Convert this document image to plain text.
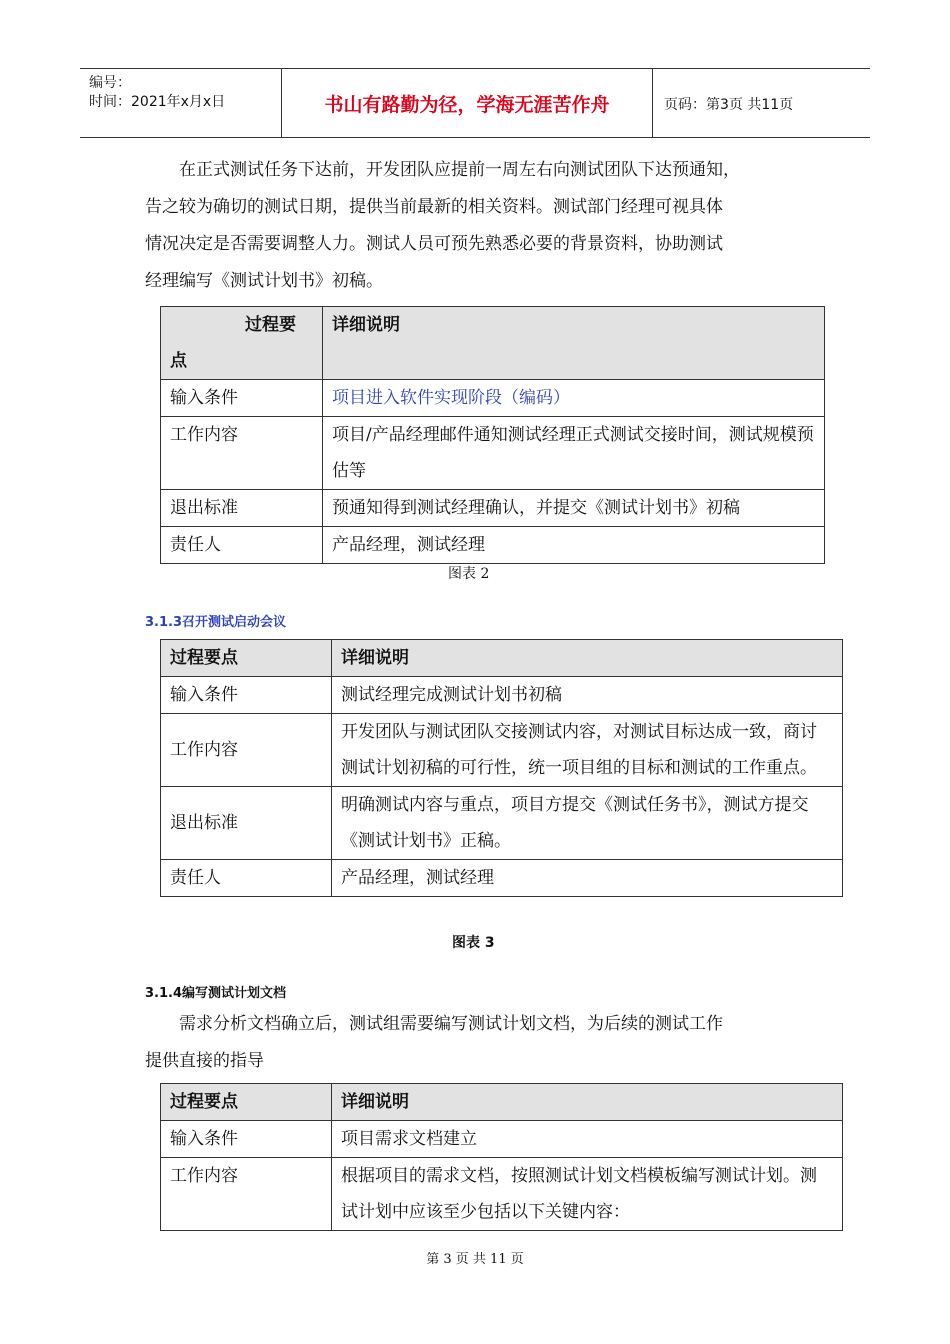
编号：
时间：2021年x月x日	书山有路勤为径，学海无涯苦作舟	页码：第3页 共11页
在正式测试任务下达前，开发团队应提前一周左右向测试团队下达预通知，
告之较为确切的测试日期，提供当前最新的相关资料。测试部门经理可视具体
情况决定是否需要调整人力。测试人员可预先熟悉必要的背景资料，协助测试
经理编写《测试计划书》初稿。
过程要
点	详细说明
输入条件	项目进入软件实现阶段（编码）
工作内容	项目/产品经理邮件通知测试经理正式测试交接时间，测试规模预估等
退出标准	预通知得到测试经理确认，并提交《测试计划书》初稿
责任人	产品经理，测试经理
图表 2
3.1.3召开测试启动会议
过程要点	详细说明
输入条件	测试经理完成测试计划书初稿
工作内容	开发团队与测试团队交接测试内容，对测试目标达成一致，商讨测试计划初稿的可行性，统一项目组的目标和测试的工作重点。
退出标准	明确测试内容与重点，项目方提交《测试任务书》，测试方提交《测试计划书》正稿。
责任人	产品经理，测试经理
图表 3
3.1.4编写测试计划文档
需求分析文档确立后，测试组需要编写测试计划文档，为后续的测试工作
提供直接的指导
过程要点	详细说明
输入条件	项目需求文档建立
工作内容	根据项目的需求文档，按照测试计划文档模板编写测试计划。测试计划中应该至少包括以下关键内容：
第 3 页 共 11 页
